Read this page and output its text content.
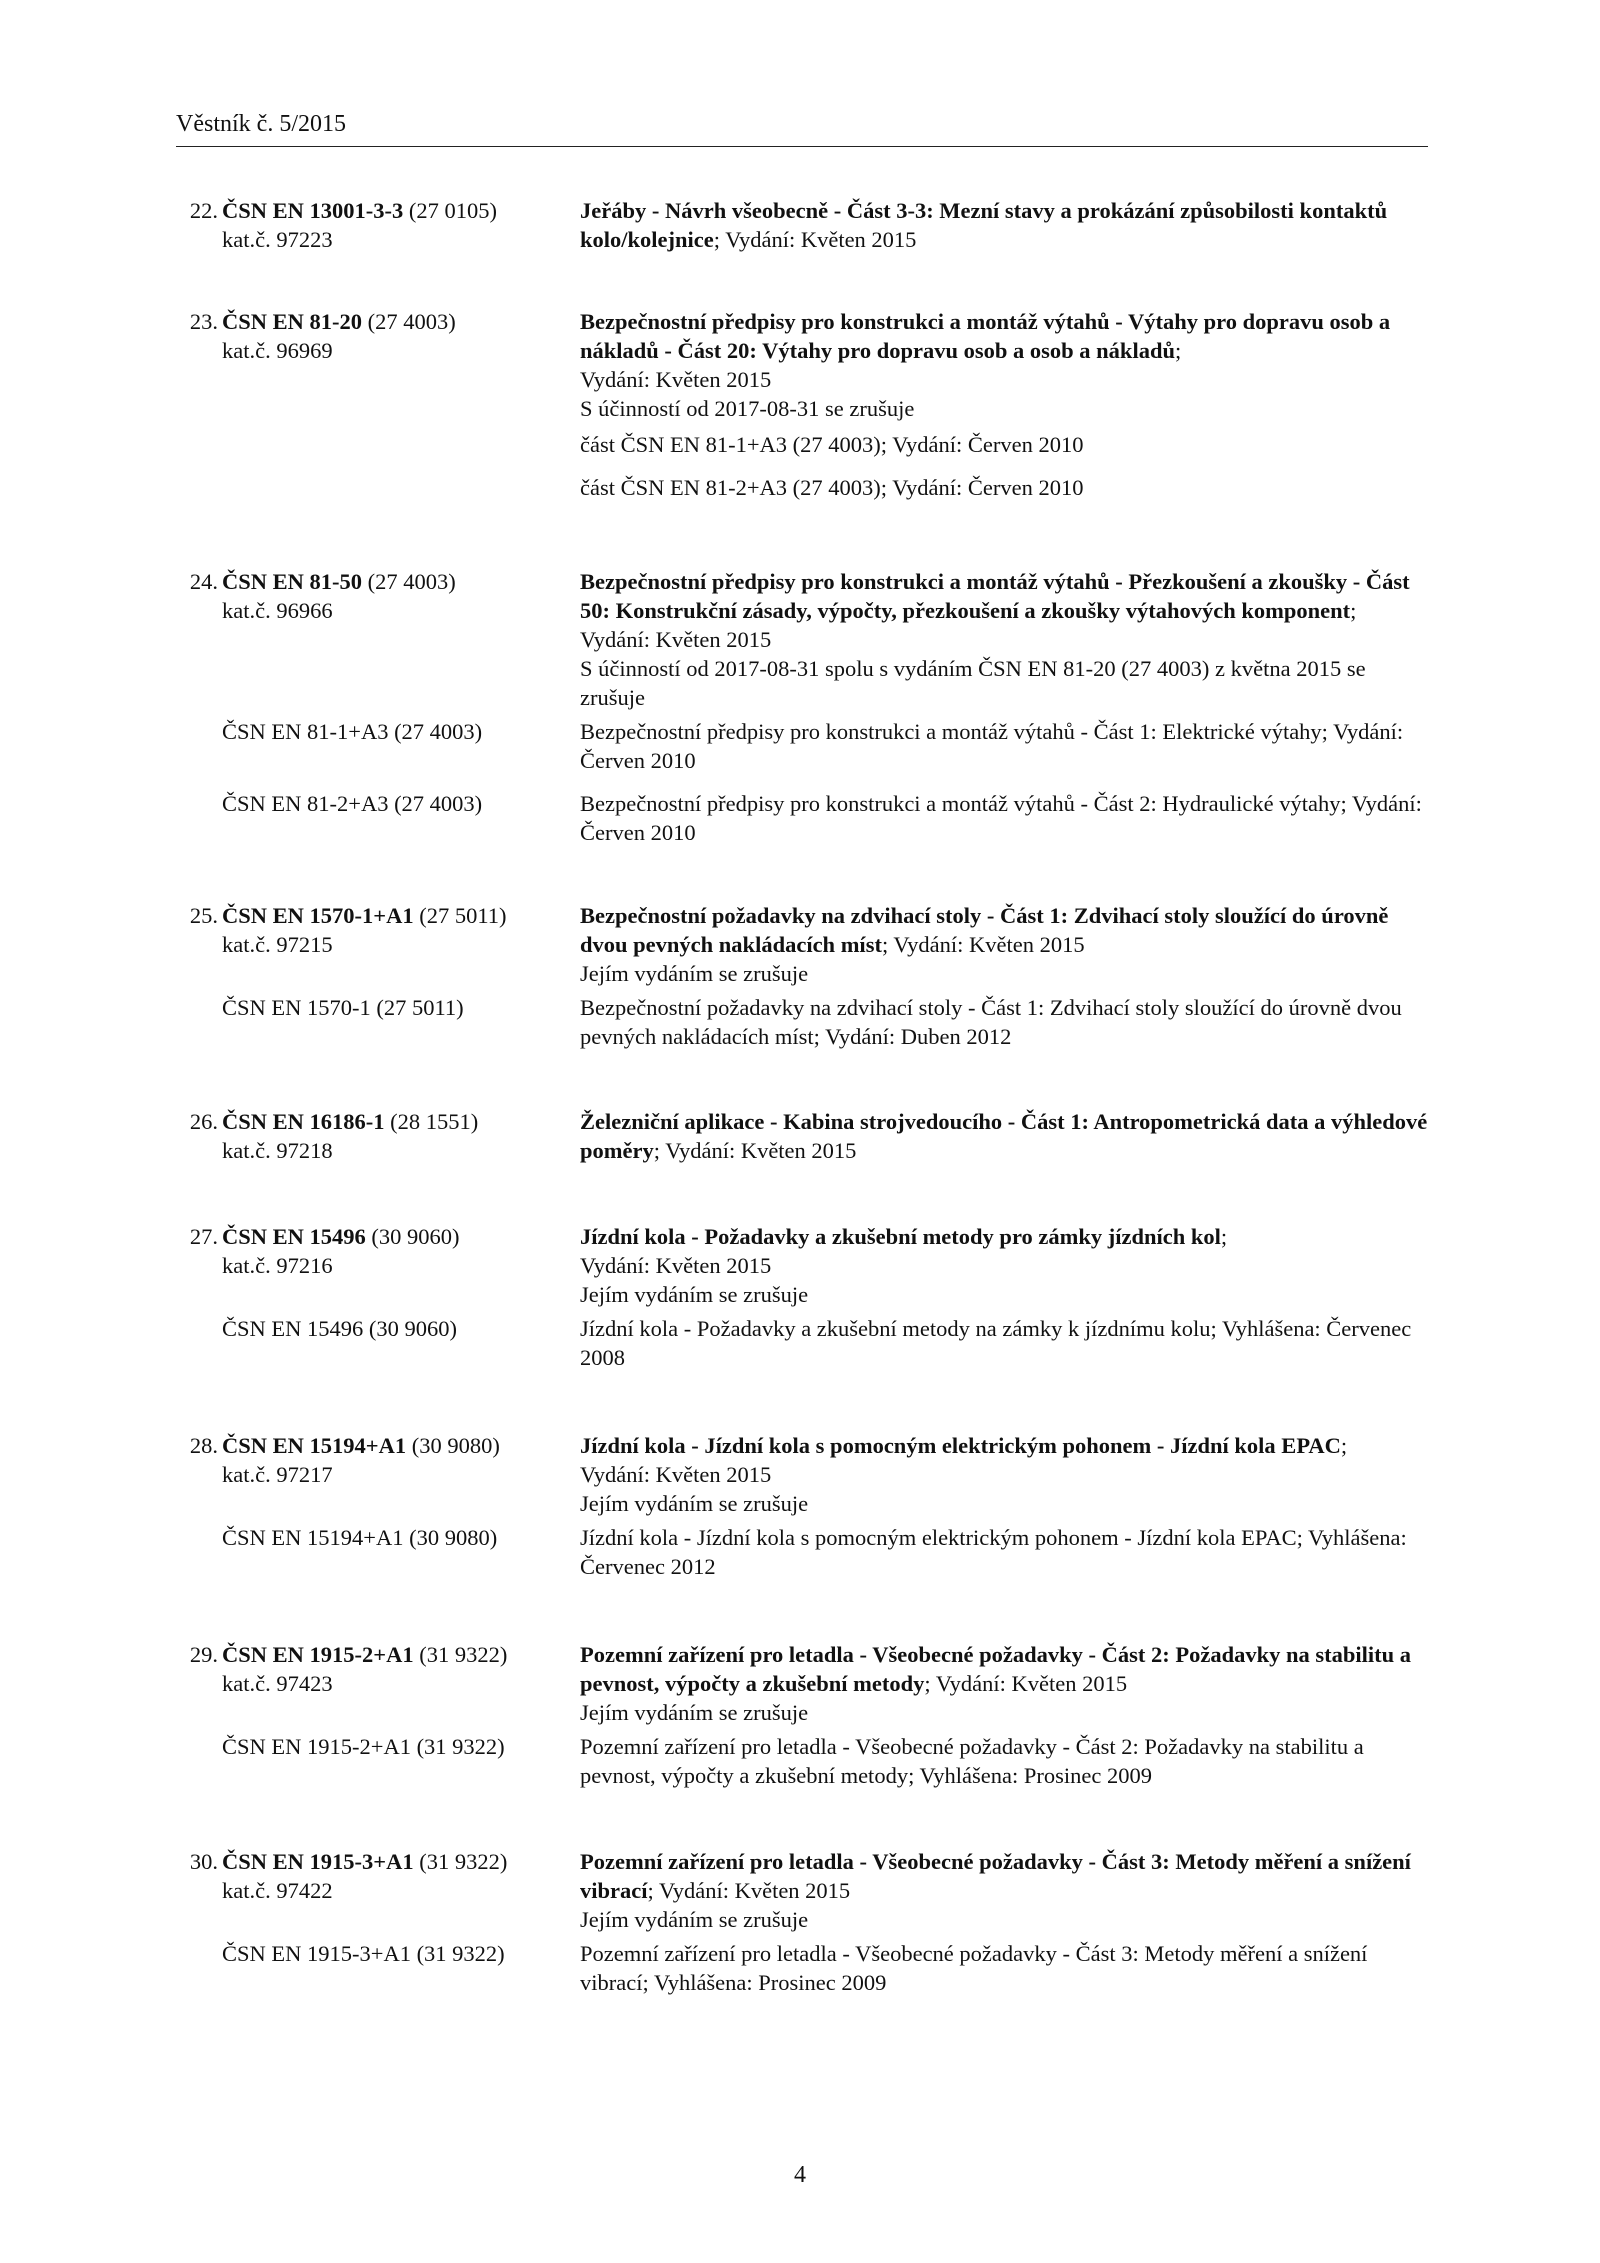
Věstník č. 5/2015
22. ČSN EN 13001-3-3 (27 0105)
kat.č. 97223
Jeřáby - Návrh všeobecně - Část 3-3: Mezní stavy a prokázání způsobilosti kontaktů kolo/kolejnice; Vydání: Květen 2015
23. ČSN EN 81-20 (27 4003)
kat.č. 96969
Bezpečnostní předpisy pro konstrukci a montáž výtahů - Výtahy pro dopravu osob a nákladů - Část 20: Výtahy pro dopravu osob a osob a nákladů;
Vydání: Květen 2015
S účinností od 2017-08-31 se zrušuje
část ČSN EN 81-1+A3 (27 4003); Vydání: Červen 2010
část ČSN EN 81-2+A3 (27 4003); Vydání: Červen 2010
24. ČSN EN 81-50 (27 4003)
kat.č. 96966
ČSN EN 81-1+A3 (27 4003)
ČSN EN 81-2+A3 (27 4003)
Bezpečnostní předpisy pro konstrukci a montáž výtahů - Přezkoušení a zkoušky - Část 50: Konstrukční zásady, výpočty, přezkoušení a zkoušky výtahových komponent; Vydání: Květen 2015
S účinností od 2017-08-31 spolu s vydáním ČSN EN 81-20 (27 4003) z května 2015 se zrušuje
Bezpečnostní předpisy pro konstrukci a montáž výtahů - Část 1: Elektrické výtahy; Vydání: Červen 2010
Bezpečnostní předpisy pro konstrukci a montáž výtahů - Část 2: Hydraulické výtahy; Vydání: Červen 2010
25. ČSN EN 1570-1+A1 (27 5011)
kat.č. 97215
ČSN EN 1570-1 (27 5011)
Bezpečnostní požadavky na zdvihací stoly - Část 1: Zdvihací stoly sloužící do úrovně dvou pevných nakládacích míst; Vydání: Květen 2015
Jejím vydáním se zrušuje
Bezpečnostní požadavky na zdvihací stoly - Část 1: Zdvihací stoly sloužící do úrovně dvou pevných nakládacích míst; Vydání: Duben 2012
26. ČSN EN 16186-1 (28 1551)
kat.č. 97218
Železniční aplikace - Kabina strojvedoucího - Část 1: Antropometrická data a výhledové poměry; Vydání: Květen 2015
27. ČSN EN 15496 (30 9060)
kat.č. 97216
ČSN EN 15496 (30 9060)
Jízdní kola - Požadavky a zkušební metody pro zámky jízdních kol;
Vydání: Květen 2015
Jejím vydáním se zrušuje
Jízdní kola - Požadavky a zkušební metody na zámky k jízdnímu kolu; Vyhlášena: Červenec 2008
28. ČSN EN 15194+A1 (30 9080)
kat.č. 97217
ČSN EN 15194+A1 (30 9080)
Jízdní kola - Jízdní kola s pomocným elektrickým pohonem - Jízdní kola EPAC;
Vydání: Květen 2015
Jejím vydáním se zrušuje
Jízdní kola - Jízdní kola s pomocným elektrickým pohonem - Jízdní kola EPAC; Vyhlášena: Červenec 2012
29. ČSN EN 1915-2+A1 (31 9322)
kat.č. 97423
ČSN EN 1915-2+A1 (31 9322)
Pozemní zařízení pro letadla - Všeobecné požadavky - Část 2: Požadavky na stabilitu a pevnost, výpočty a zkušební metody; Vydání: Květen 2015
Jejím vydáním se zrušuje
Pozemní zařízení pro letadla - Všeobecné požadavky - Část 2: Požadavky na stabilitu a pevnost, výpočty a zkušební metody; Vyhlášena: Prosinec 2009
30. ČSN EN 1915-3+A1 (31 9322)
kat.č. 97422
ČSN EN 1915-3+A1 (31 9322)
Pozemní zařízení pro letadla - Všeobecné požadavky - Část 3: Metody měření a snížení vibrací; Vydání: Květen 2015
Jejím vydáním se zrušuje
Pozemní zařízení pro letadla - Všeobecné požadavky - Část 3: Metody měření a snížení vibrací; Vyhlášena: Prosinec 2009
4
